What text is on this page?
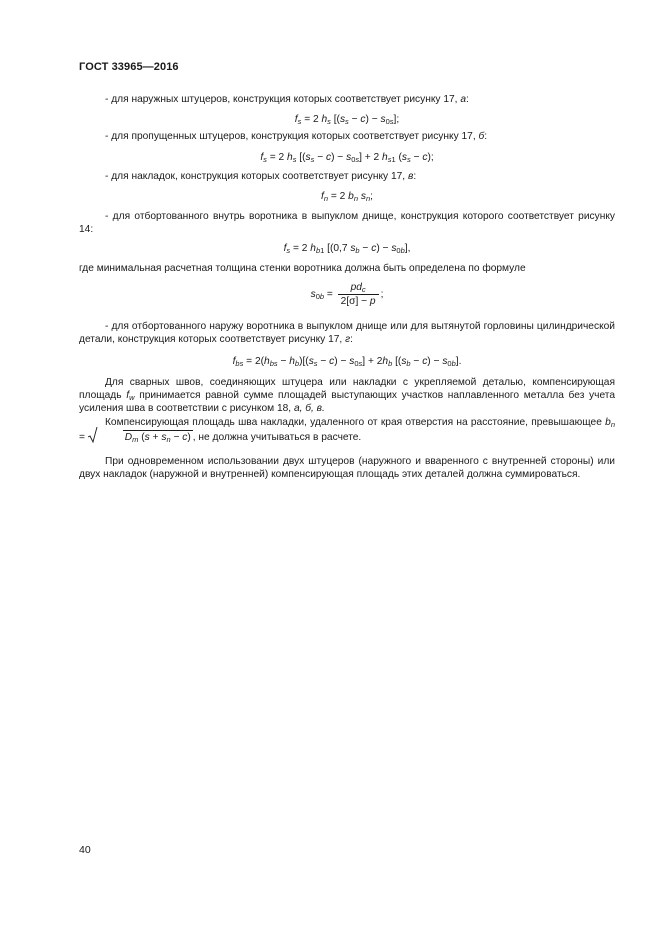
ГОСТ 33965—2016

- для наружных штуцеров, конструкция которых соответствует рисунку 17, а:

$f_s = 2$ $h_s$ $[(s_s - c) - s_{0s}]$;

- для пропущенных штуцеров, конструкция которых соответствует рисунку 17, б:

$f_s = 2$ $h_s$ $[(s_s - c) - s_{0s}] + 2$ $h_{s1}$ $(s_s - c)$;

- для накладок, конструкция которых соответствует рисунку 17, в:

$f_n = 2$ $b_n$ $s_n$;

- для отбортованного внутрь воротника в выпуклом днище, конструкция которого соответствует рисунку 14:

$f_s = 2$ $h_{b1}$ [(0,7 $s_b - c) - s_{0b}$],

где минимальная расчетная толщина стенки воротника должна быть определена по формуле

$s_{0b} = \frac{pd_c}{2[\sigma] - p}$ ;

- для отбортованного наружу воротника в выпуклом днище или для вытянутой горловины цилиндрической детали, конструкция которых соответствует рисунку 17, г:

$f_{bs} = 2(h_{bs} - h_b)[(s_s - c) - s_{0s}] + 2h_b$ $[(s_b - c) - s_{0b}]$.

Для сварных швов, соединяющих штуцера или накладки с укрепляемой деталью, компенсирующая площадь $f_w$ принимается равной сумме площадей выступающих участков наплавленного металла без учета усиления шва в соответствии с рисунком 18, а, б, в.

Компенсирующая площадь шва накладки, удаленного от края отверстия на расстояние, превышающее $b_n$ =	$D_m$ $(s + s_n - c)$ , не должна учитываться в расчете.

При одновременном использовании двух штуцеров (наружного и вваренного с внутренней стороны) или двух накладок (наружной и внутренней) компенсирующая площадь этих деталей должна суммироваться.

40
